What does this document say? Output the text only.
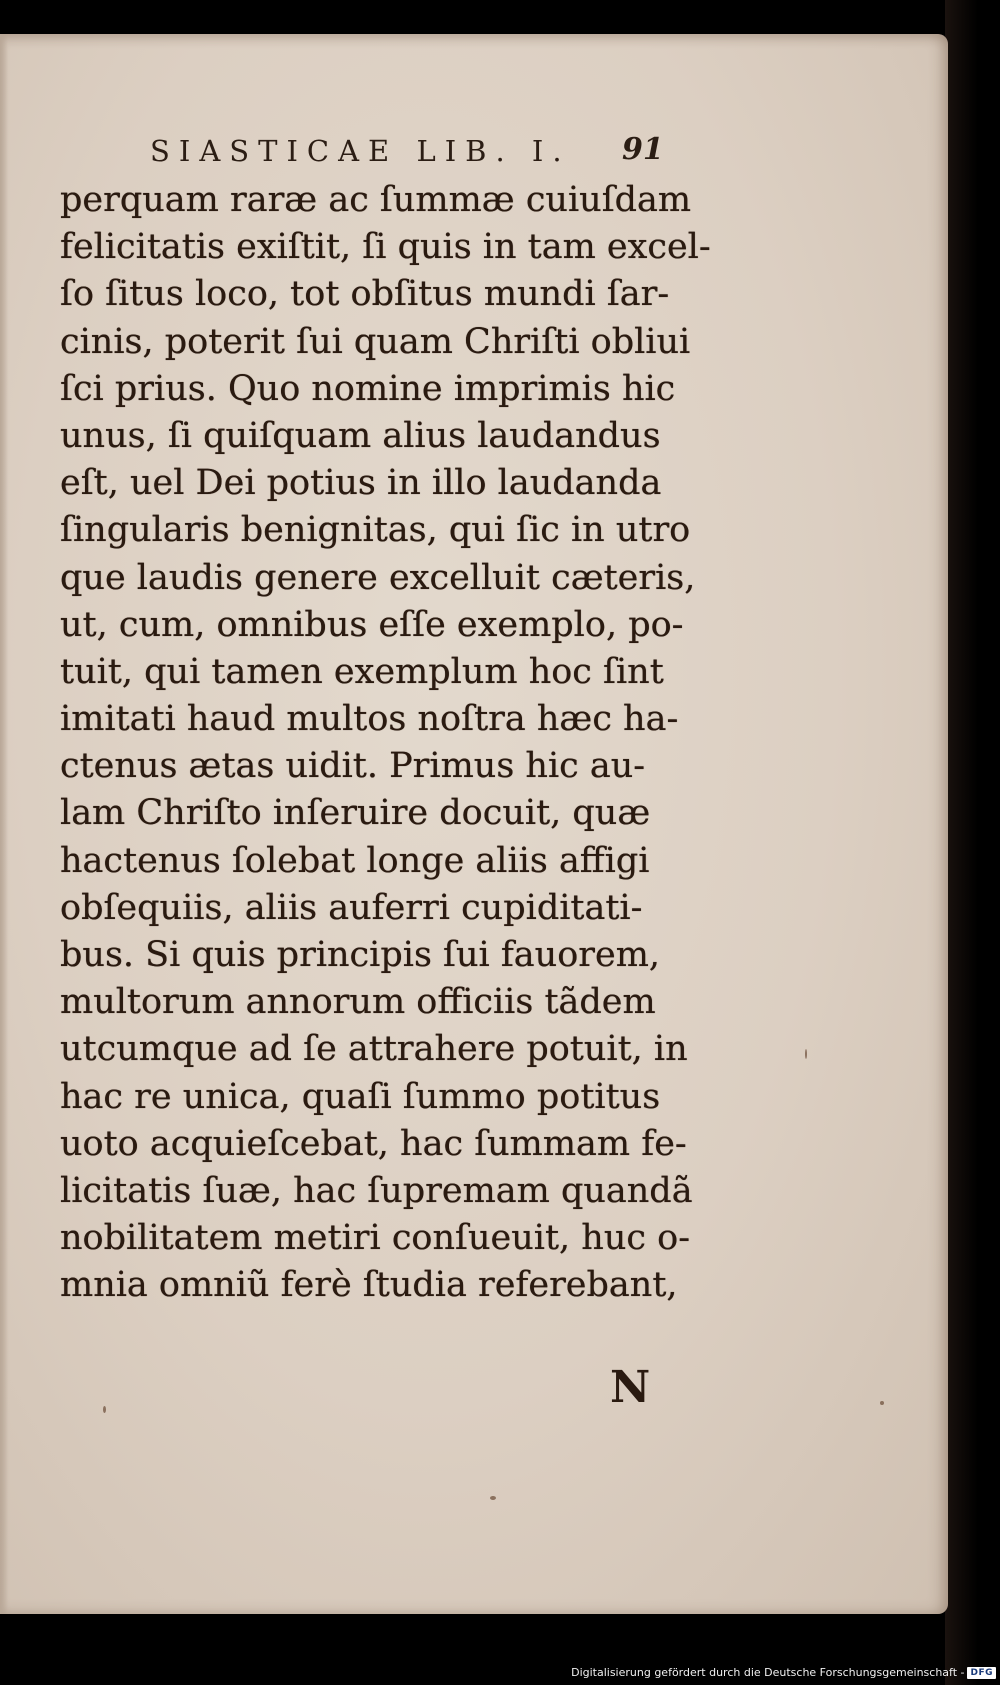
SIASTICAE LIB. I.	91
perquam raræ ac ſummæ cuiuſdam
felicitatis exiſtit, ſi quis in tam excel-
ſo ſitus loco, tot obſitus mundi ſar-
cinis, poterit ſui quam Chriſti obliui
ſci prius. Quo nomine imprimis hic
unus, ſi quiſquam alius laudandus
eſt, uel Dei potius in illo laudanda
ſingularis benignitas, qui ſic in utro
que laudis genere excelluit cæteris,
ut, cum, omnibus eſſe exemplo, po-
tuit, qui tamen exemplum hoc ſint
imitati haud multos noſtra hæc ha-
ctenus ætas uidit. Primus hic au-
lam Chriſto inſeruire docuit, quæ
hactenus ſolebat longe aliis affigi
obſequiis, aliis auferri cupiditati-
bus. Si quis principis ſui fauorem,
multorum annorum officiis tãdem
utcumque ad ſe attrahere potuit, in
hac re unica, quaſi ſummo potitus
uoto acquieſcebat, hac ſummam fe-
licitatis ſuæ, hac ſupremam quandã
nobilitatem metiri conſueuit, huc o-
mnia omniũ ferè ſtudia referebant,
N
Digitalisierung gefördert durch die Deutsche Forschungsgemeinschaft - DFG
